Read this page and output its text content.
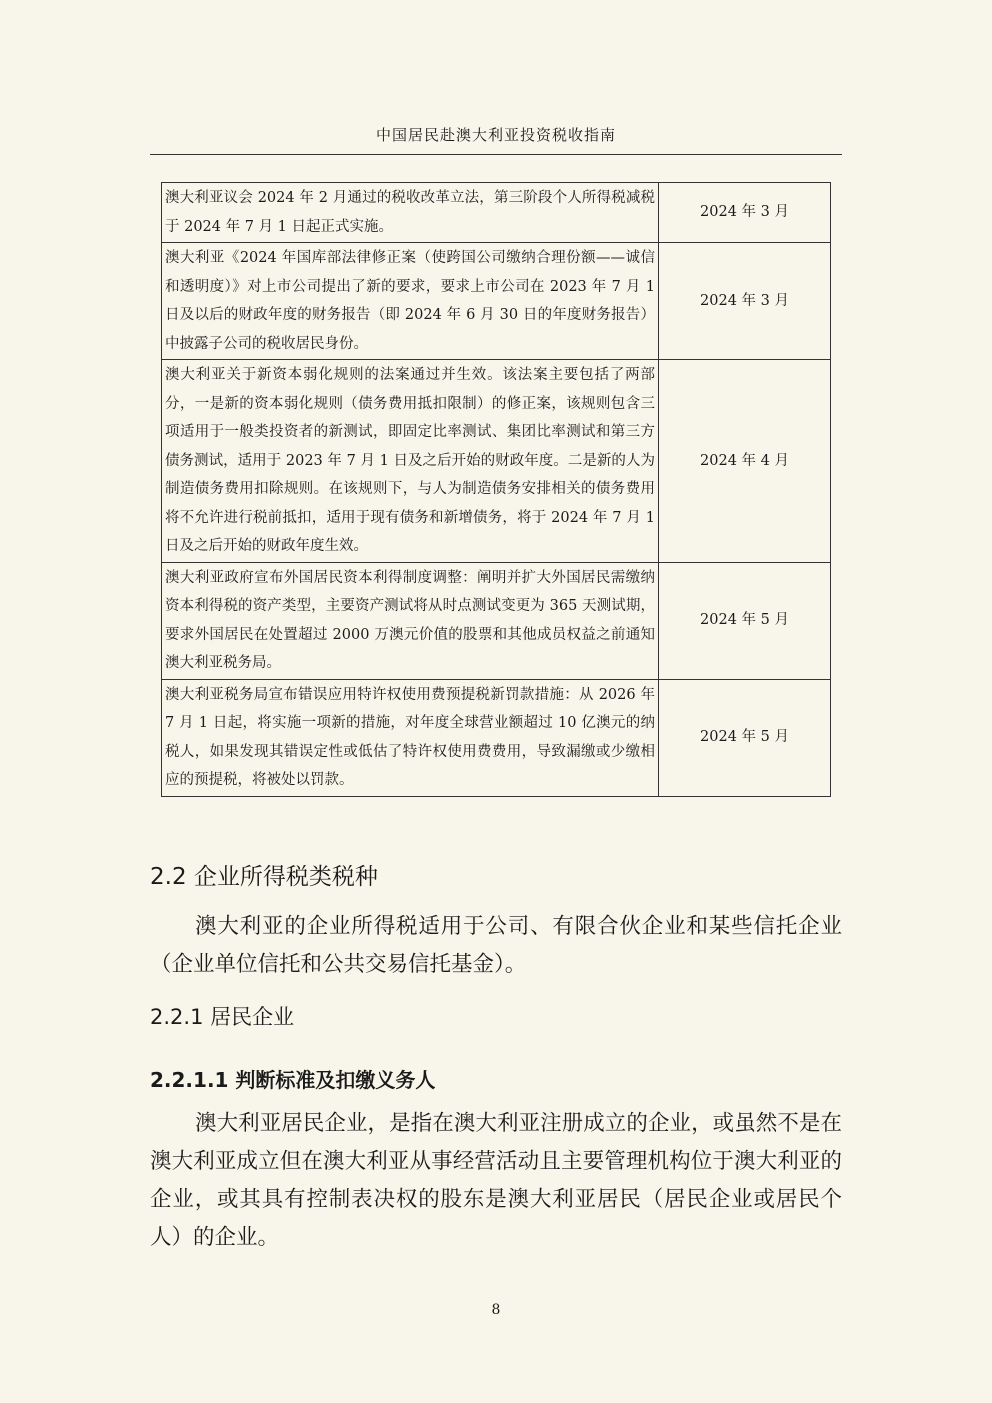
中国居民赴澳大利亚投资税收指南
澳大利亚议会 2024 年 2 月通过的税收改革立法，第三阶段个人所得税减税于 2024 年 7 月 1 日起正式实施。	2024 年 3 月
澳大利亚《2024 年国库部法律修正案（使跨国公司缴纳合理份额——诚信和透明度）》对上市公司提出了新的要求，要求上市公司在 2023 年 7 月 1 日及以后的财政年度的财务报告（即 2024 年 6 月 30 日的年度财务报告）中披露子公司的税收居民身份。	2024 年 3 月
澳大利亚关于新资本弱化规则的法案通过并生效。该法案主要包括了两部分，一是新的资本弱化规则（债务费用抵扣限制）的修正案，该规则包含三项适用于一般类投资者的新测试，即固定比率测试、集团比率测试和第三方债务测试，适用于 2023 年 7 月 1 日及之后开始的财政年度。二是新的人为制造债务费用扣除规则。在该规则下，与人为制造债务安排相关的债务费用将不允许进行税前抵扣，适用于现有债务和新增债务，将于 2024 年 7 月 1 日及之后开始的财政年度生效。	2024 年 4 月
澳大利亚政府宣布外国居民资本利得制度调整：阐明并扩大外国居民需缴纳资本利得税的资产类型，主要资产测试将从时点测试变更为 365 天测试期，要求外国居民在处置超过 2000 万澳元价值的股票和其他成员权益之前通知澳大利亚税务局。	2024 年 5 月
澳大利亚税务局宣布错误应用特许权使用费预提税新罚款措施：从 2026 年 7 月 1 日起，将实施一项新的措施，对年度全球营业额超过 10 亿澳元的纳税人，如果发现其错误定性或低估了特许权使用费费用，导致漏缴或少缴相应的预提税，将被处以罚款。	2024 年 5 月
2.2 企业所得税类税种
澳大利亚的企业所得税适用于公司、有限合伙企业和某些信托企业（企业单位信托和公共交易信托基金）。
2.2.1 居民企业
2.2.1.1 判断标准及扣缴义务人
澳大利亚居民企业，是指在澳大利亚注册成立的企业，或虽然不是在澳大利亚成立但在澳大利亚从事经营活动且主要管理机构位于澳大利亚的企业，或其具有控制表决权的股东是澳大利亚居民（居民企业或居民个人）的企业。
8
